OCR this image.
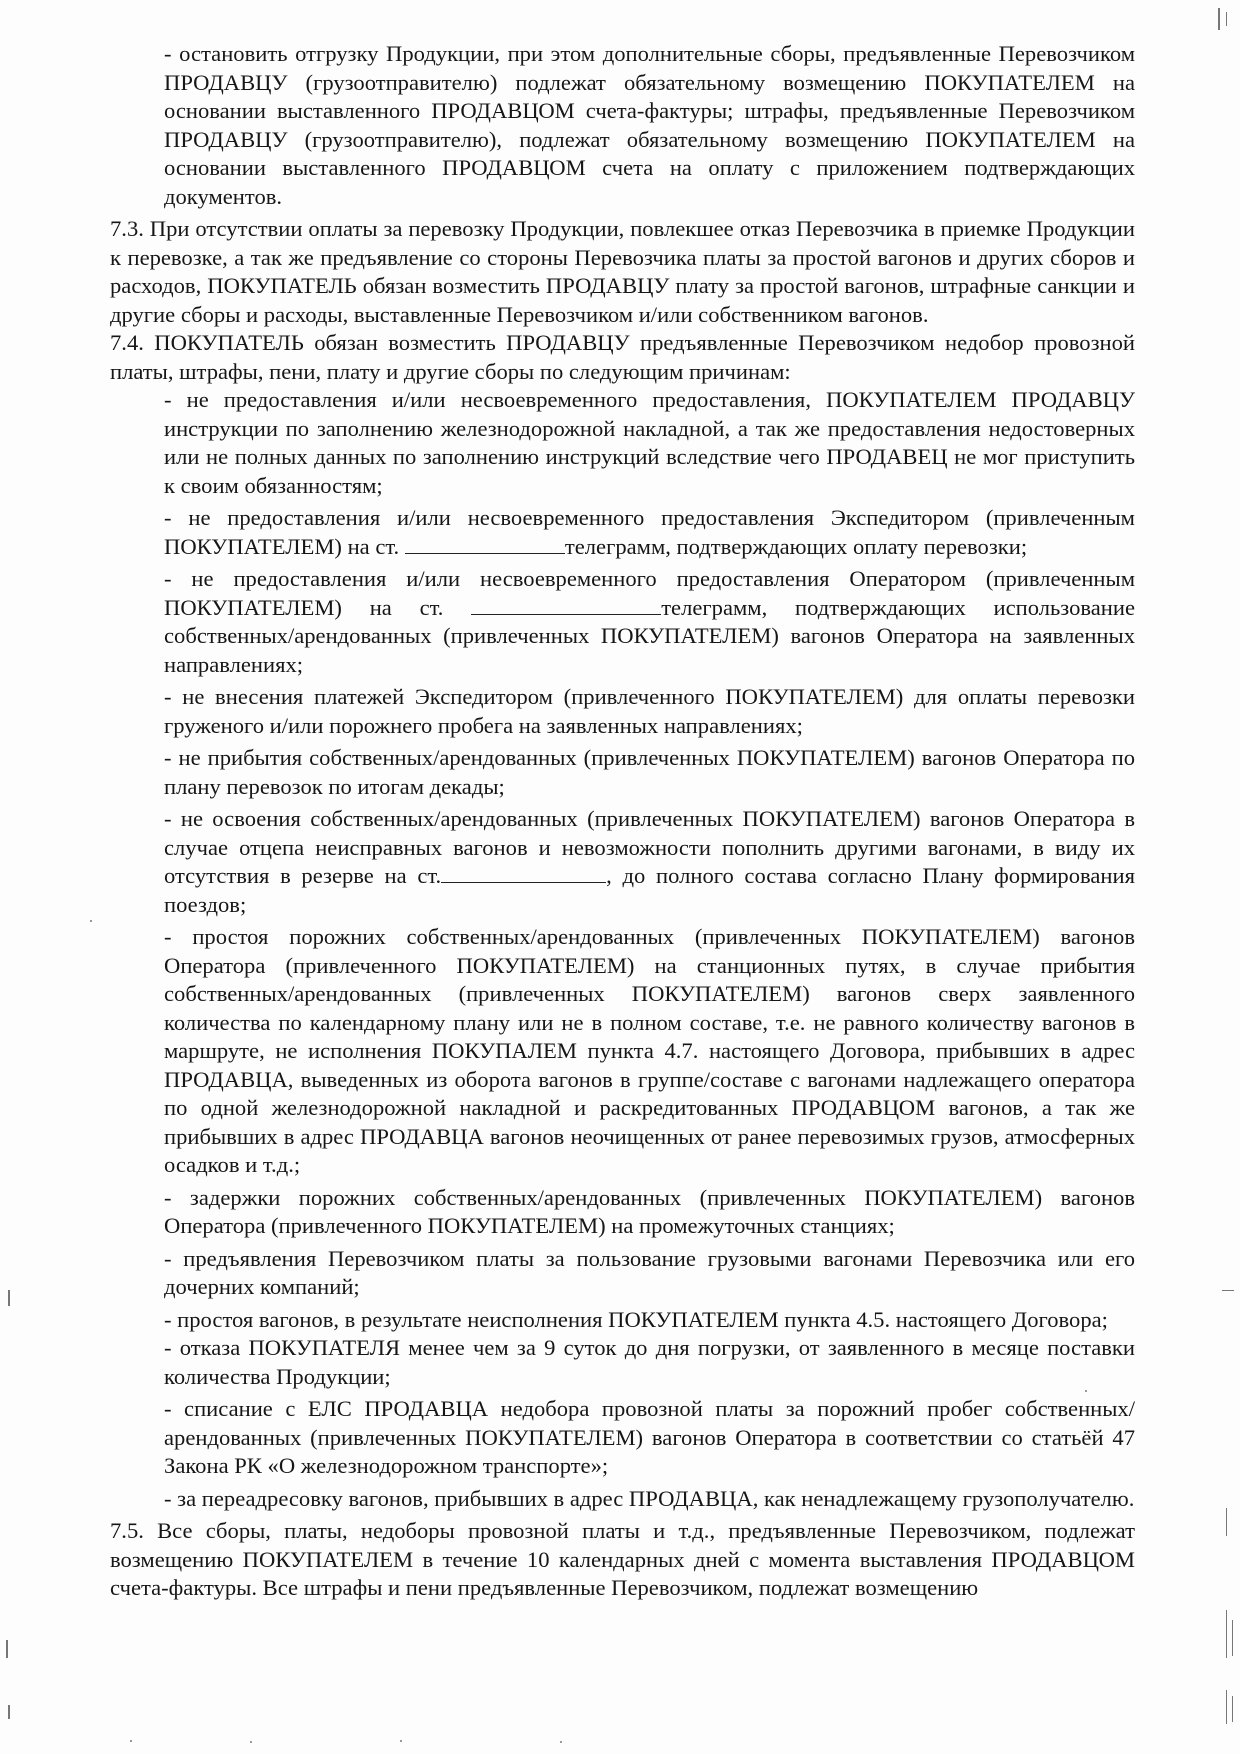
- остановить отгрузку Продукции, при этом дополнительные сборы, предъявленные Перевозчиком ПРОДАВЦУ (грузоотправителю) подлежат обязательному возмещению ПОКУПАТЕЛЕМ на основании выставленного ПРОДАВЦОМ счета-фактуры; штрафы, предъявленные Перевозчиком ПРОДАВЦУ (грузоотправителю), подлежат обязательному возмещению ПОКУПАТЕЛЕМ на основании выставленного ПРОДАВЦОМ счета на оплату с приложением подтверждающих документов.

7.3. При отсутствии оплаты за перевозку Продукции, повлекшее отказ Перевозчика в приемке Продукции к перевозке, а так же предъявление со стороны Перевозчика платы за простой вагонов и других сборов и расходов, ПОКУПАТЕЛЬ обязан возместить ПРОДАВЦУ плату за простой вагонов, штрафные санкции и другие сборы и расходы, выставленные Перевозчиком и/или собственником вагонов.

7.4. ПОКУПАТЕЛЬ обязан возместить ПРОДАВЦУ предъявленные Перевозчиком недобор провозной платы, штрафы, пени, плату и другие сборы по следующим причинам:

- не предоставления и/или несвоевременного предоставления, ПОКУПАТЕЛЕМ ПРОДАВЦУ инструкции по заполнению железнодорожной накладной, а так же предоставления недостоверных или не полных данных по заполнению инструкций вследствие чего ПРОДАВЕЦ не мог приступить к своим обязанностям;

- не предоставления и/или несвоевременного предоставления Экспедитором (привлеченным ПОКУПАТЕЛЕМ) на ст.	телеграмм, подтверждающих оплату перевозки;

- не предоставления и/или несвоевременного предоставления Оператором (привлеченным ПОКУПАТЕЛЕМ) на ст.	телеграмм, подтверждающих использование собственных/арендованных (привлеченных ПОКУПАТЕЛЕМ) вагонов Оператора на заявленных направлениях;

- не внесения платежей Экспедитором (привлеченного ПОКУПАТЕЛЕМ) для оплаты перевозки груженого и/или порожнего пробега на заявленных направлениях;

- не прибытия собственных/арендованных (привлеченных ПОКУПАТЕЛЕМ) вагонов Оператора по плану перевозок по итогам декады;

- не освоения собственных/арендованных (привлеченных ПОКУПАТЕЛЕМ) вагонов Оператора в случае отцепа неисправных вагонов и невозможности пополнить другими вагонами, в виду их отсутствия в резерве на ст.	, до полного состава согласно Плану формирования поездов;

- простоя порожних собственных/арендованных (привлеченных ПОКУПАТЕЛЕМ) вагонов Оператора (привлеченного ПОКУПАТЕЛЕМ) на станционных путях, в случае прибытия собственных/арендованных (привлеченных ПОКУПАТЕЛЕМ) вагонов сверх заявленного количества по календарному плану или не в полном составе, т.е. не равного количеству вагонов в маршруте, не исполнения ПОКУПАЛЕМ пункта 4.7. настоящего Договора, прибывших в адрес ПРОДАВЦА, выведенных из оборота вагонов в группе/составе с вагонами надлежащего оператора по одной железнодорожной накладной и раскредитованных ПРОДАВЦОМ вагонов, а так же прибывших в адрес ПРОДАВЦА вагонов неочищенных от ранее перевозимых грузов, атмосферных осадков и т.д.;

- задержки порожних собственных/арендованных (привлеченных ПОКУПАТЕЛЕМ) вагонов Оператора (привлеченного ПОКУПАТЕЛЕМ) на промежуточных станциях;

- предъявления Перевозчиком платы за пользование грузовыми вагонами Перевозчика или его дочерних компаний;

- простоя вагонов, в результате неисполнения ПОКУПАТЕЛЕМ пункта 4.5. настоящего Договора;

- отказа ПОКУПАТЕЛЯ менее чем за 9 суток до дня погрузки, от заявленного в месяце поставки количества Продукции;

- списание с ЕЛС ПРОДАВЦА недобора провозной платы за порожний пробег собственных/арендованных (привлеченных ПОКУПАТЕЛЕМ) вагонов Оператора в соответствии со статьёй 47 Закона РК «О железнодорожном транспорте»;

- за переадресовку вагонов, прибывших в адрес ПРОДАВЦА, как ненадлежащему грузополучателю.

7.5. Все сборы, платы, недоборы провозной платы и т.д., предъявленные Перевозчиком, подлежат возмещению ПОКУПАТЕЛЕМ в течение 10 календарных дней с момента выставления ПРОДАВЦОМ счета-фактуры. Все штрафы и пени предъявленные Перевозчиком, подлежат возмещению
